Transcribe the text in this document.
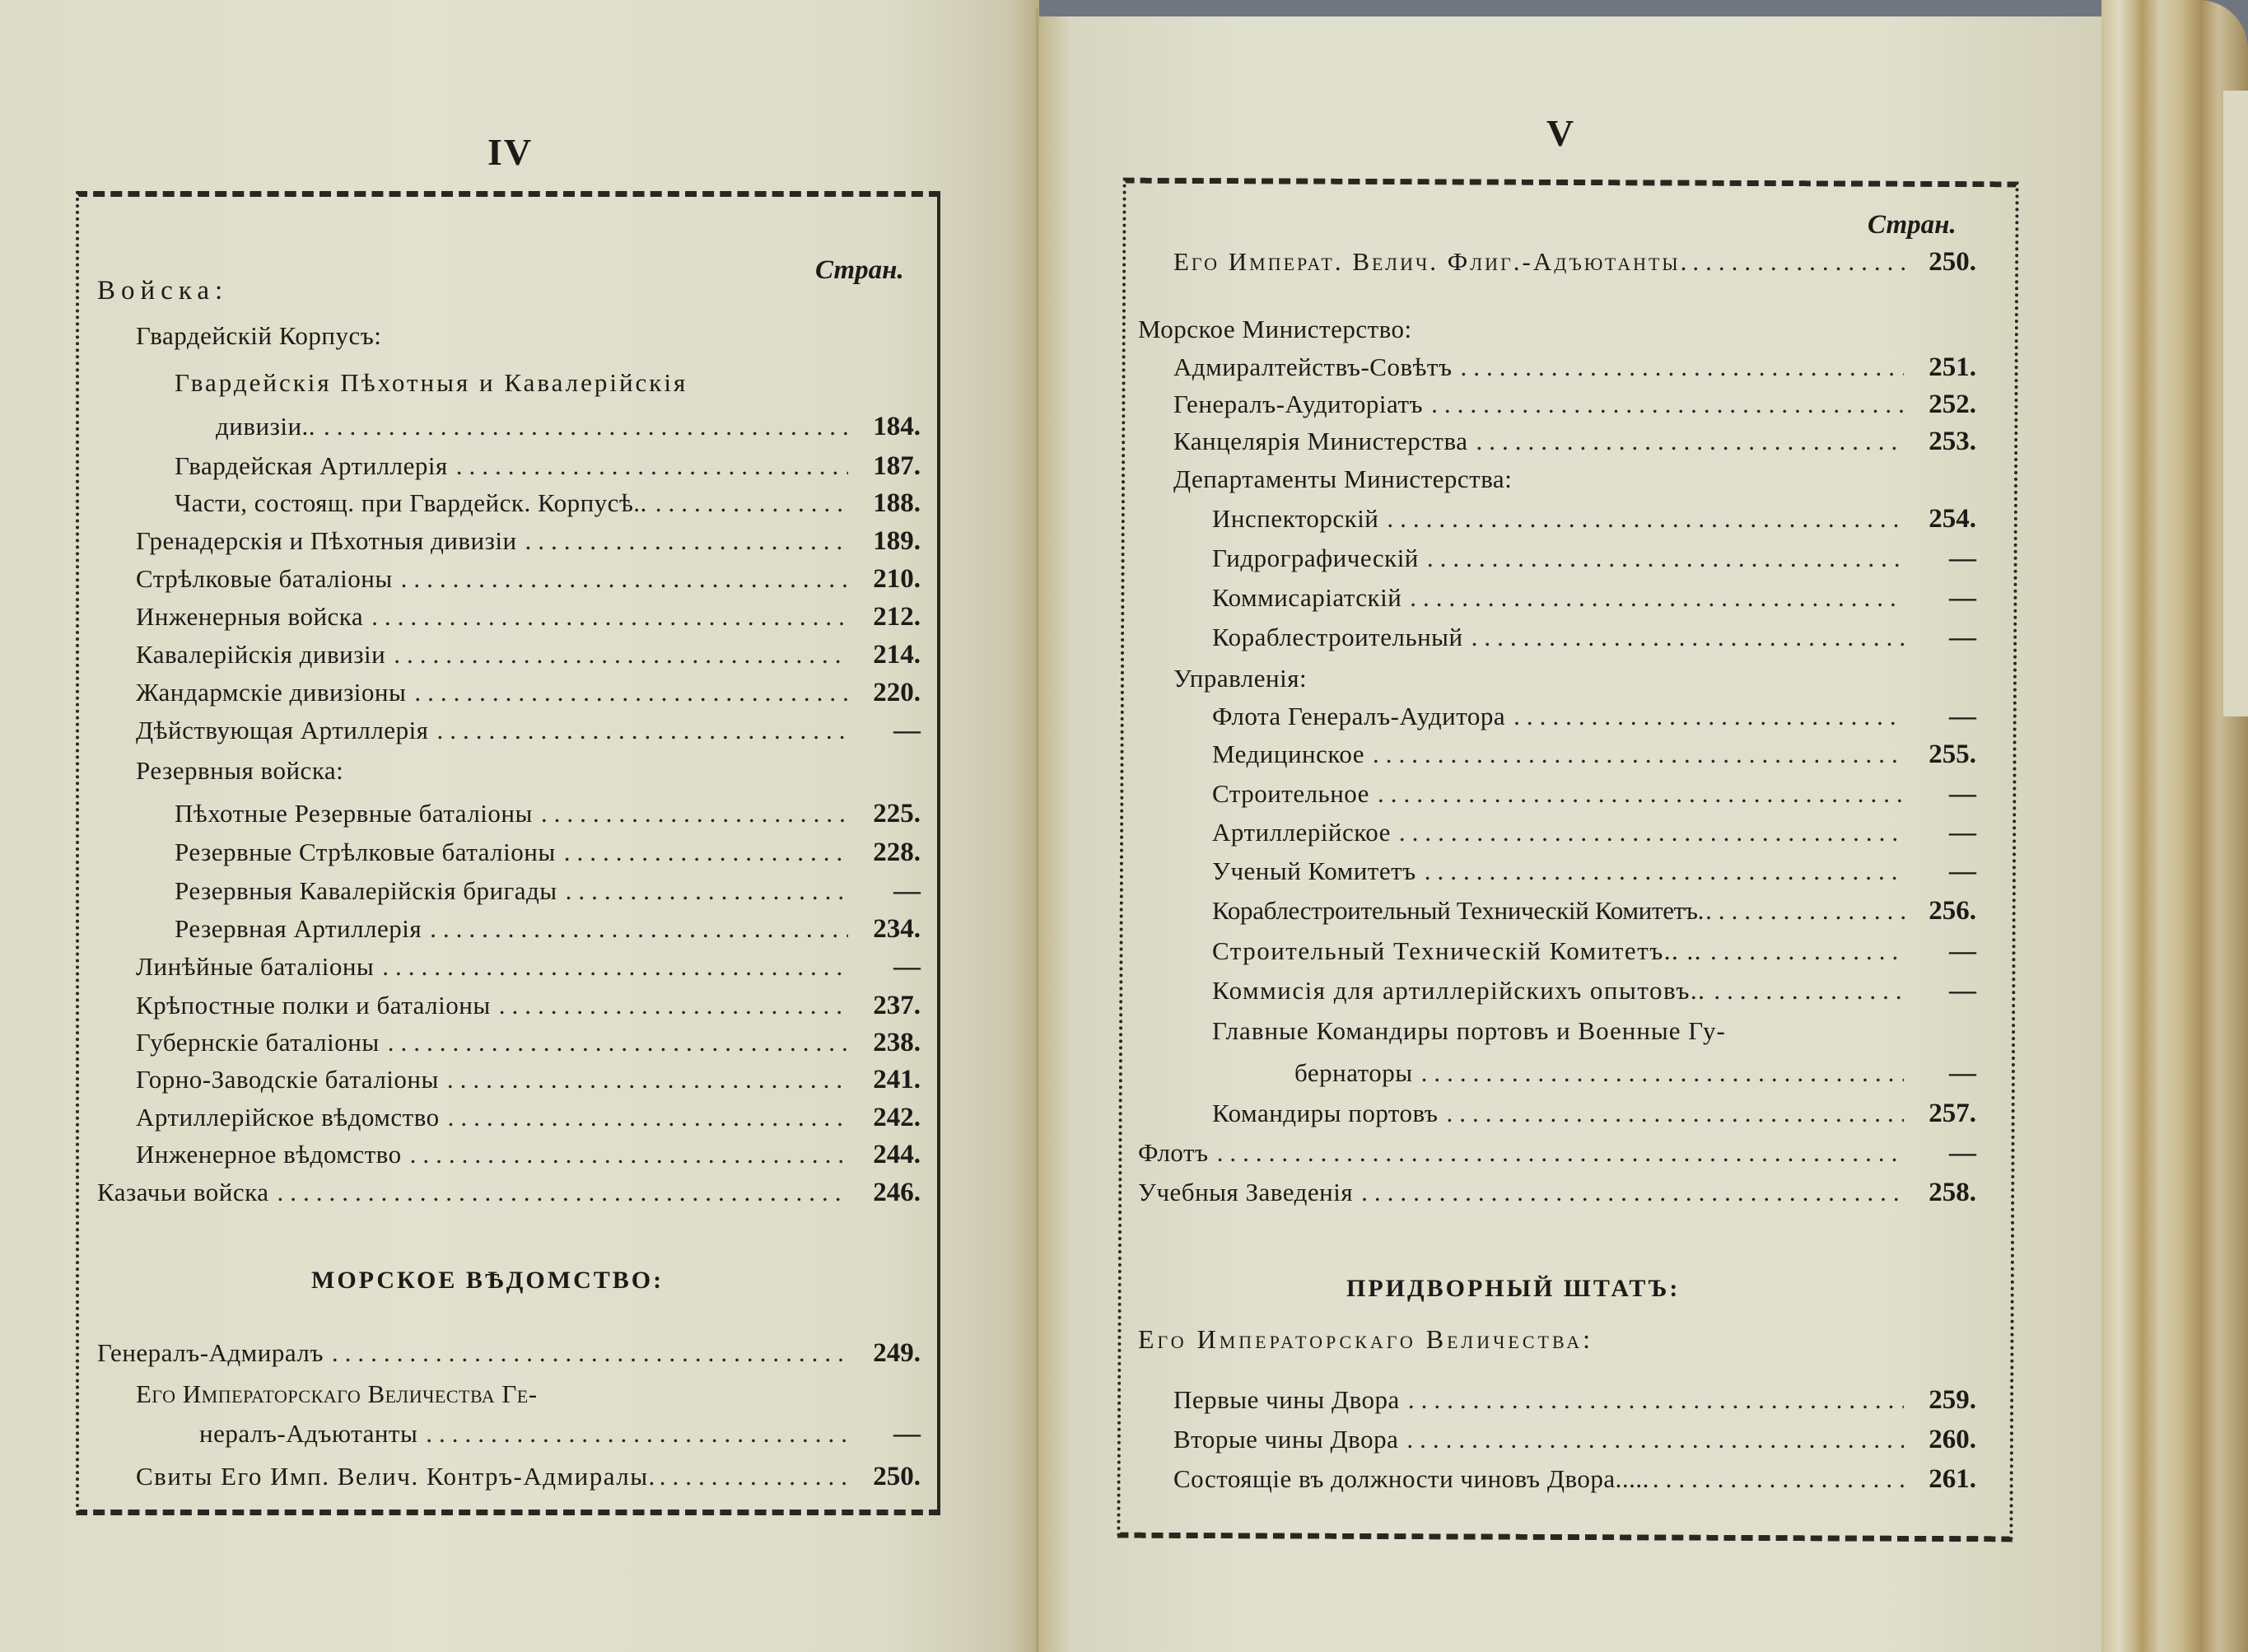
IV
Стран.
Войска:
Гвардейскій Корпусъ:
Гвардейскія Пѣхотныя и Кавалерійскія
дивизіи.. .....	184.
Гвардейская Артиллерія .....	187.
Части, состоящ. при Гвардейск. Корпусѣ.. .....	188.
Гренадерскія и Пѣхотныя дивизіи .....	189.
Стрѣлковые баталіоны .....	210.
Инженерныя войска .....	212.
Кавалерійскія дивизіи .....	214.
Жандармскіе дивизіоны .....	220.
Дѣйствующая Артиллерія .....	—
Резервныя войска:
Пѣхотные Резервные баталіоны .....	225.
Резервные Стрѣлковые баталіоны .....	228.
Резервныя Кавалерійскія бригады .....	—
Резервная Артиллерія .....	234.
Линѣйные баталіоны .....	—
Крѣпостные полки и баталіоны .....	237.
Губернскіе баталіоны .....	238.
Горно-Заводскіе баталіоны .....	241.
Артиллерійское вѣдомство .....	242.
Инженерное вѣдомство .....	244.
Казачьи войска .....	246.
МОРСКОЕ ВѢДОМСТВО:
Генералъ-Адмиралъ .....	249.
Его Императорскаго Величества Ге-
нералъ-Адъютанты .....	—
Свиты Его Имп. Велич. Контръ-Адмиралы. .....	250.
V
Стран.
Его Императ. Велич. Флиг.-Адъютанты. .....	250.
Морское Министерство:
Адмиралтействъ-Совѣтъ .....	251.
Генералъ-Аудиторіатъ .....	252.
Канцелярія Министерства .....	253.
Департаменты Министерства:
Инспекторскій .....	254.
Гидрографическій .....	—
Коммисаріатскій .....	—
Кораблестроительный .....	—
Управленія:
Флота Генералъ-Аудитора .....	—
Медицинское .....	255.
Строительное .....	—
Артиллерійское .....	—
Ученый Комитетъ .....	—
Кораблестроительный Техническій Комитетъ. .....	256.
Строительный Техническій Комитетъ.. .. .....	—
Коммисія для артиллерійскихъ опытовъ.. .....	—
Главные Командиры портовъ и Военные Гу-
бернаторы .....	—
Командиры портовъ .....	257.
Флотъ .....	—
Учебныя Заведенія .....	258.
ПРИДВОРНЫЙ ШТАТЪ:
Его Императорскаго Величества:
Первые чины Двора .....	259.
Вторые чины Двора .....	260.
Состоящіе въ должности чиновъ Двора..... .....	261.
